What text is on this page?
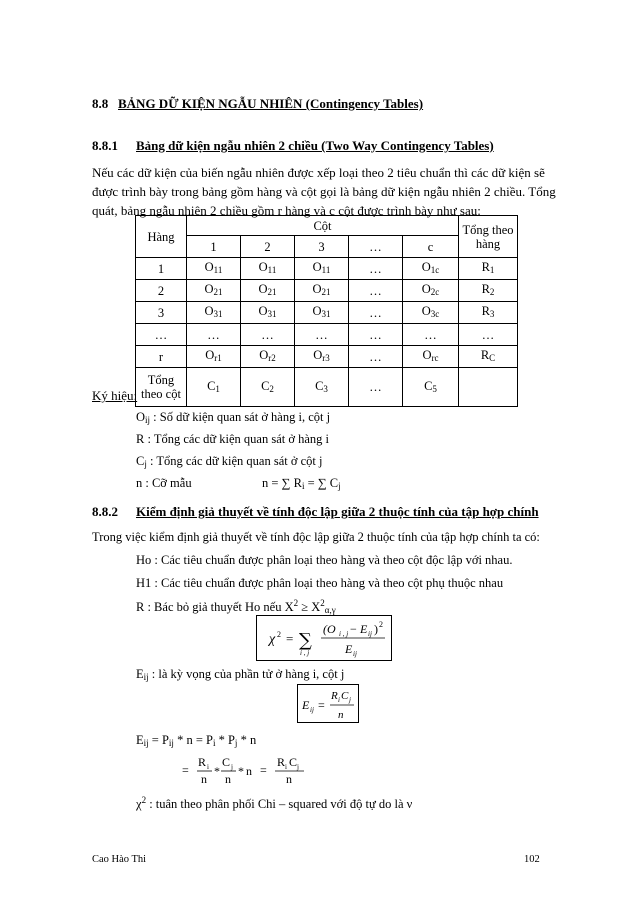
8.8 BẢNG DỮ KIỆN NGẪU NHIÊN (Contingency Tables)
8.8.1 Bảng dữ kiện ngẫu nhiên 2 chiều (Two Way Contingency Tables)
Nếu các dữ kiện của biến ngẫu nhiên được xếp loại theo 2 tiêu chuẩn thì các dữ kiện sẽ
được trình bày trong bảng gồm hàng và cột gọi là bảng dữ kiện ngẫu nhiên 2 chiều. Tổng
quát, bảng ngẫu nhiên 2 chiều gồm r hàng và c cột được trình bày như sau:
Hàng	Cột					Tổng theo
hàng
	1	2	3	…	c	
1	$O_{11}$	$O_{11}$	$O_{11}$	…	$O_{1c}$	$R_1$
2	$O_{21}$	$O_{21}$	$O_{21}$	…	$O_{2c}$	$R_2$
3	$O_{31}$	$O_{31}$	$O_{31}$	…	$O_{3c}$	$R_3$
…	…	…	…	…	…	…
r	$O_{r1}$	$O_{r2}$	$O_{r3}$	…	$O_{rc}$	$R_C$
Tổng
theo cột	$C_1$	$C_2$	$C_3$	…	$C_5$	
Ký hiệu:
$O_{ij}$ : Số dữ kiện quan sát ở hàng i, cột j
R : Tổng các dữ kiện quan sát ở hàng i
$C_j$ : Tổng các dữ kiện quan sát ở cột j
n : Cỡ mẫu	n = ∑ $R_i$ = ∑ $C_j$
8.8.2 Kiểm định giả thuyết về tính độc lập giữa 2 thuộc tính của tập hợp chính
Trong việc kiểm định giả thuyết về tính độc lập giữa 2 thuộc tính của tập hợp chính ta có:
Ho : Các tiêu chuẩn được phân loại theo hàng và theo cột độc lập với nhau.
H1 : Các tiêu chuẩn được phân loại theo hàng và theo cột phụ thuộc nhau
R : Bác bỏ giả thuyết Ho nếu $X^2 \ge X^2_{\alpha,\gamma}$
χ 2 = ∑
i , j
(O i , j − E ij ) 2
E ij
$E_{ij}$ : là kỳ vọng của phần tử ở hàng i, cột j
E ij =
R i C j
n
$E_{ij} = P_{ij} * n = P_i * P_j * n$
=
R i
n
*
C j
n
* n =
R i C j
n
$\chi^2$ : tuân theo phân phối Chi – squared với độ tự do là ν
Cao Hào Thi	102
